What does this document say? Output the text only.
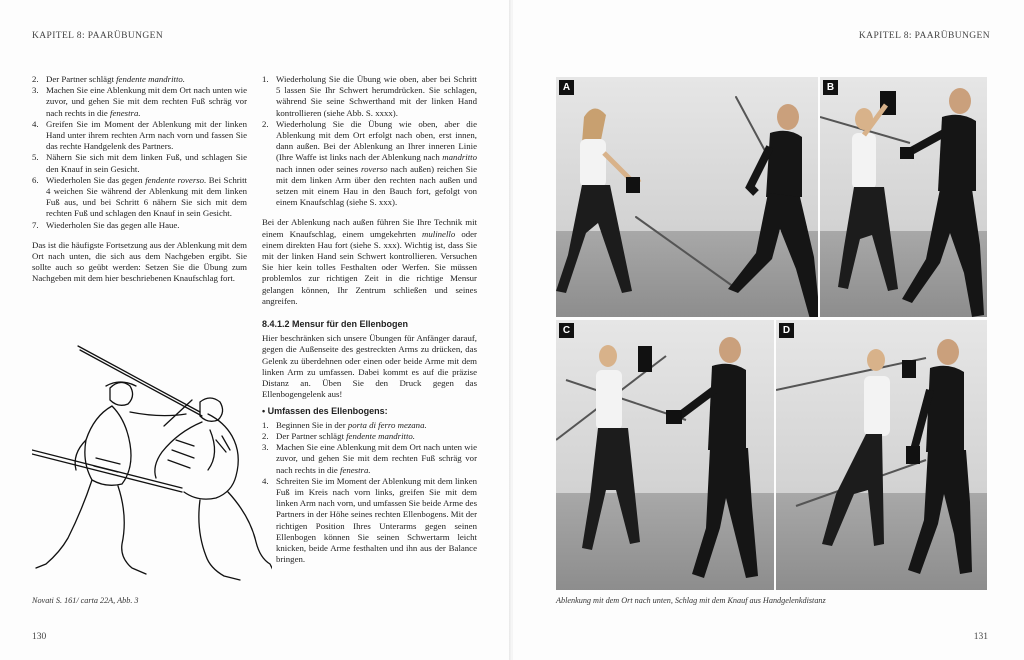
KAPITEL 8: PAARÜBUNGEN
2. Der Partner schlägt fendente mandritto.
3. Machen Sie eine Ablenkung mit dem Ort nach unten wie zuvor, und gehen Sie mit dem rechten Fuß schräg vor nach rechts in die fenestra.
4. Greifen Sie im Moment der Ablenkung mit der linken Hand unter ihrem rechten Arm nach vorn und fassen Sie das rechte Handgelenk des Partners.
5. Nähern Sie sich mit dem linken Fuß, und schlagen Sie den Knauf in sein Gesicht.
6. Wiederholen Sie das gegen fendente roverso. Bei Schritt 4 weichen Sie während der Ablenkung mit dem linken Fuß aus, und bei Schritt 6 nähern Sie sich mit dem rechten Fuß und schlagen den Knauf in sein Gesicht.
7. Wiederholen Sie das gegen alle Haue.

Das ist die häufigste Fortsetzung aus der Ablenkung mit dem Ort nach unten, die sich aus dem Nachgeben ergibt. Sie sollte auch so geübt werden: Setzen Sie die Übung zum Nachgeben mit dem hier beschriebenen Knaufschlag fort.

Novati S. 161/ carta 22A, Abb. 3
1. Wiederholung Sie die Übung wie oben, aber bei Schritt 5 lassen Sie Ihr Schwert herumdrücken. Sie schlagen, während Sie seine Schwerthand mit der linken Hand kontrollieren (siehe Abb. S. xxxx).
2. Wiederholung Sie die Übung wie oben, aber die Ablenkung mit dem Ort erfolgt nach oben, erst innen, dann außen. Bei der Ablenkung an Ihrer inneren Linie (Ihre Waffe ist links nach der Ablenkung nach mandritto nach innen oder seines roverso nach außen) reichen Sie mit dem linken Arm über den rechten nach außen und setzen mit einem Hau in den Bauch fort, gefolgt von einem Knaufschlag (siehe S. xxx).

Bei der Ablenkung nach außen führen Sie Ihre Technik mit einem Knaufschlag, einem umgekehrten mulinello oder einem direkten Hau fort (siehe S. xxx). Wichtig ist, dass Sie mit der linken Hand sein Schwert kontrollieren. Versuchen Sie hier kein tolles Festhalten oder Werfen. Sie müssen problemlos zur richtigen Zeit in die richtige Mensur gelangen können, Ihr Zentrum schließen und seines angreifen.

8.4.1.2 Mensur für den Ellenbogen

Hier beschränken sich unsere Übungen für Anfänger darauf, gegen die Außenseite des gestreckten Arms zu drücken, das Gelenk zu überdehnen oder einen oder beide Arme mit dem linken Arm zu umfassen. Dabei kommt es auf die präzise Distanz an. Üben Sie den Druck gegen das Ellenbogengelenk aus!

• Umfassen des Ellenbogens:
1. Beginnen Sie in der porta di ferro mezana.
2. Der Partner schlägt fendente mandritto.
3. Machen Sie eine Ablenkung mit dem Ort nach unten wie zuvor, und gehen Sie mit dem rechten Fuß schräg vor nach rechts in die fenestra.
4. Schreiten Sie im Moment der Ablenkung mit dem linken Fuß im Kreis nach vorn links, greifen Sie mit dem linken Arm nach vorn, und umfassen Sie beide Arme des Partners in der Höhe seines rechten Ellenbogens. Mit der richtigen Position Ihres Unterarms gegen seinen Ellenbogen können Sie seinen Schwertarm leicht knicken, beide Arme festhalten und ihn aus der Balance bringen.
130
KAPITEL 8: PAARÜBUNGEN
A	B
C	D
Ablenkung mit dem Ort nach unten, Schlag mit dem Knauf aus Handgelenkdistanz
131
